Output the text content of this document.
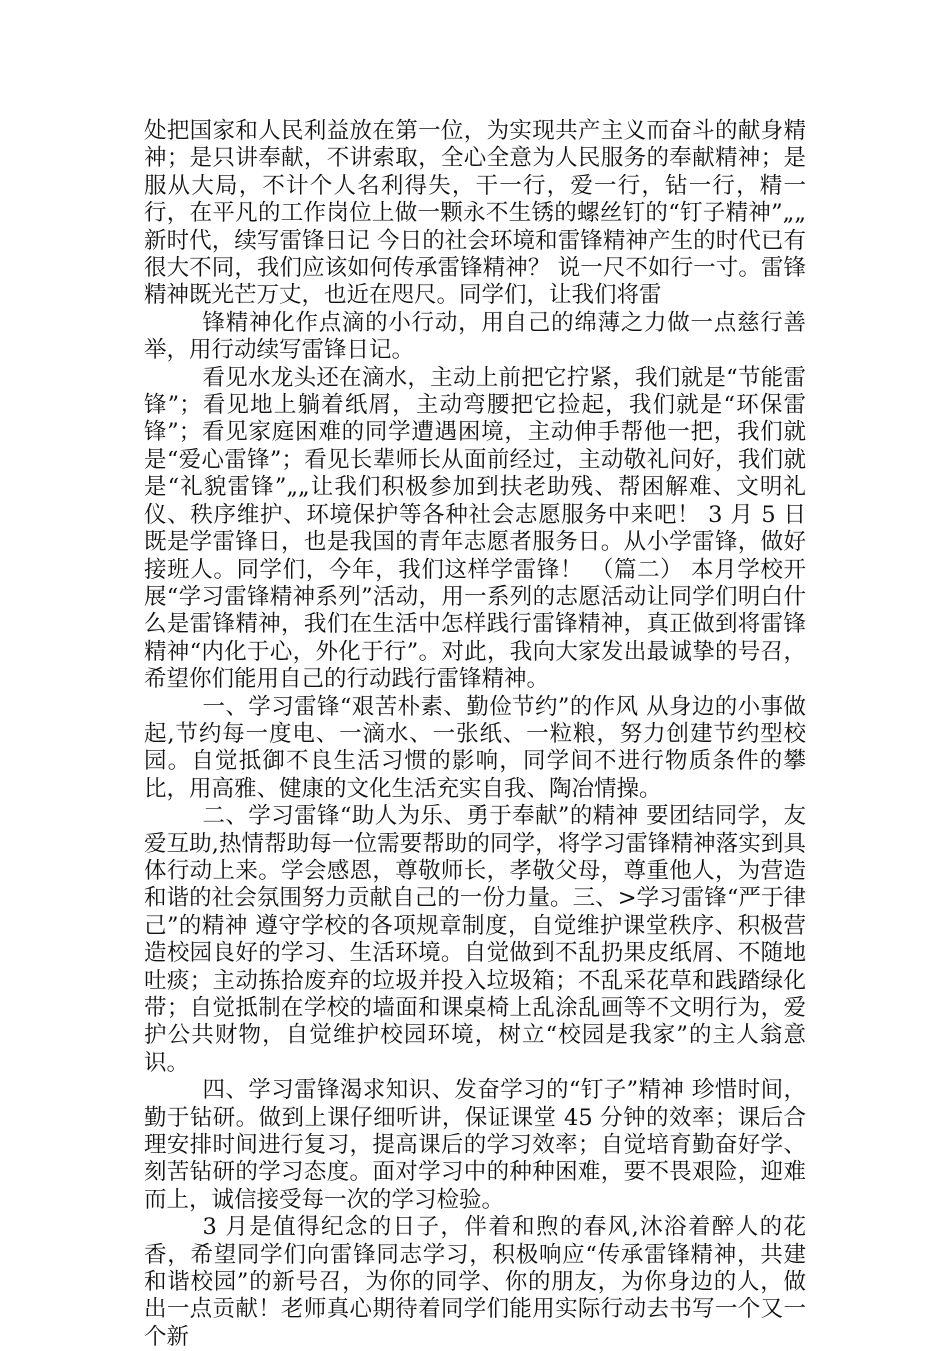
处把国家和人民利益放在第一位，为实现共产主义而奋斗的献身精神；是只讲奉献，不讲索取，全心全意为人民服务的奉献精神；是服从大局，不计个人名利得失，干一行，爱一行，钻一行，精一行，在平凡的工作岗位上做一颗永不生锈的螺丝钉的“钉子精神”„„ 新时代，续写雷锋日记 今日的社会环境和雷锋精神产生的时代已有很大不同，我们应该如何传承雷锋精神？ 说一尺不如行一寸。雷锋精神既光芒万丈，也近在咫尺。同学们，让我们将雷

锋精神化作点滴的小行动，用自己的绵薄之力做一点慈行善举，用行动续写雷锋日记。

看见水龙头还在滴水，主动上前把它拧紧，我们就是“节能雷锋”；看见地上躺着纸屑，主动弯腰把它捡起，我们就是“环保雷锋”；看见家庭困难的同学遭遇困境，主动伸手帮他一把，我们就是“爱心雷锋”；看见长辈师长从面前经过，主动敬礼问好，我们就是“礼貌雷锋”„„让我们积极参加到扶老助残、帮困解难、文明礼仪、秩序维护、环境保护等各种社会志愿服务中来吧！ 3 月 5 日既是学雷锋日，也是我国的青年志愿者服务日。从小学雷锋，做好接班人。同学们，今年，我们这样学雷锋！ （篇二） 本月学校开展“学习雷锋精神系列”活动，用一系列的志愿活动让同学们明白什么是雷锋精神，我们在生活中怎样践行雷锋精神，真正做到将雷锋精神“内化于心，外化于行”。对此，我向大家发出最诚挚的号召，希望你们能用自己的行动践行雷锋精神。

一、学习雷锋“艰苦朴素、勤俭节约”的作风 从身边的小事做起,节约每一度电、一滴水、一张纸、一粒粮，努力创建节约型校园。自觉抵御不良生活习惯的影响，同学间不进行物质条件的攀比，用高雅、健康的文化生活充实自我、陶冶情操。

二、学习雷锋“助人为乐、勇于奉献”的精神 要团结同学，友爱互助,热情帮助每一位需要帮助的同学，将学习雷锋精神落实到具体行动上来。学会感恩，尊敬师长，孝敬父母，尊重他人，为营造和谐的社会氛围努力贡献自己的一份力量。三、>学习雷锋“严于律己”的精神 遵守学校的各项规章制度，自觉维护课堂秩序、积极营造校园良好的学习、生活环境。自觉做到不乱扔果皮纸屑、不随地吐痰；主动拣拾废弃的垃圾并投入垃圾箱；不乱采花草和践踏绿化带；自觉抵制在学校的墙面和课桌椅上乱涂乱画等不文明行为，爱护公共财物，自觉维护校园环境，树立“校园是我家”的主人翁意识。

四、学习雷锋渴求知识、发奋学习的“钉子”精神 珍惜时间，勤于钻研。做到上课仔细听讲，保证课堂 45 分钟的效率；课后合理安排时间进行复习，提高课后的学习效率；自觉培育勤奋好学、刻苦钻研的学习态度。面对学习中的种种困难，要不畏艰险，迎难而上，诚信接受每一次的学习检验。

3 月是值得纪念的日子，伴着和煦的春风,沐浴着醉人的花香，希望同学们向雷锋同志学习，积极响应“传承雷锋精神，共建和谐校园”的新号召，为你的同学、你的朋友，为你身边的人，做出一点贡献！老师真心期待着同学们能用实际行动去书写一个又一个新
